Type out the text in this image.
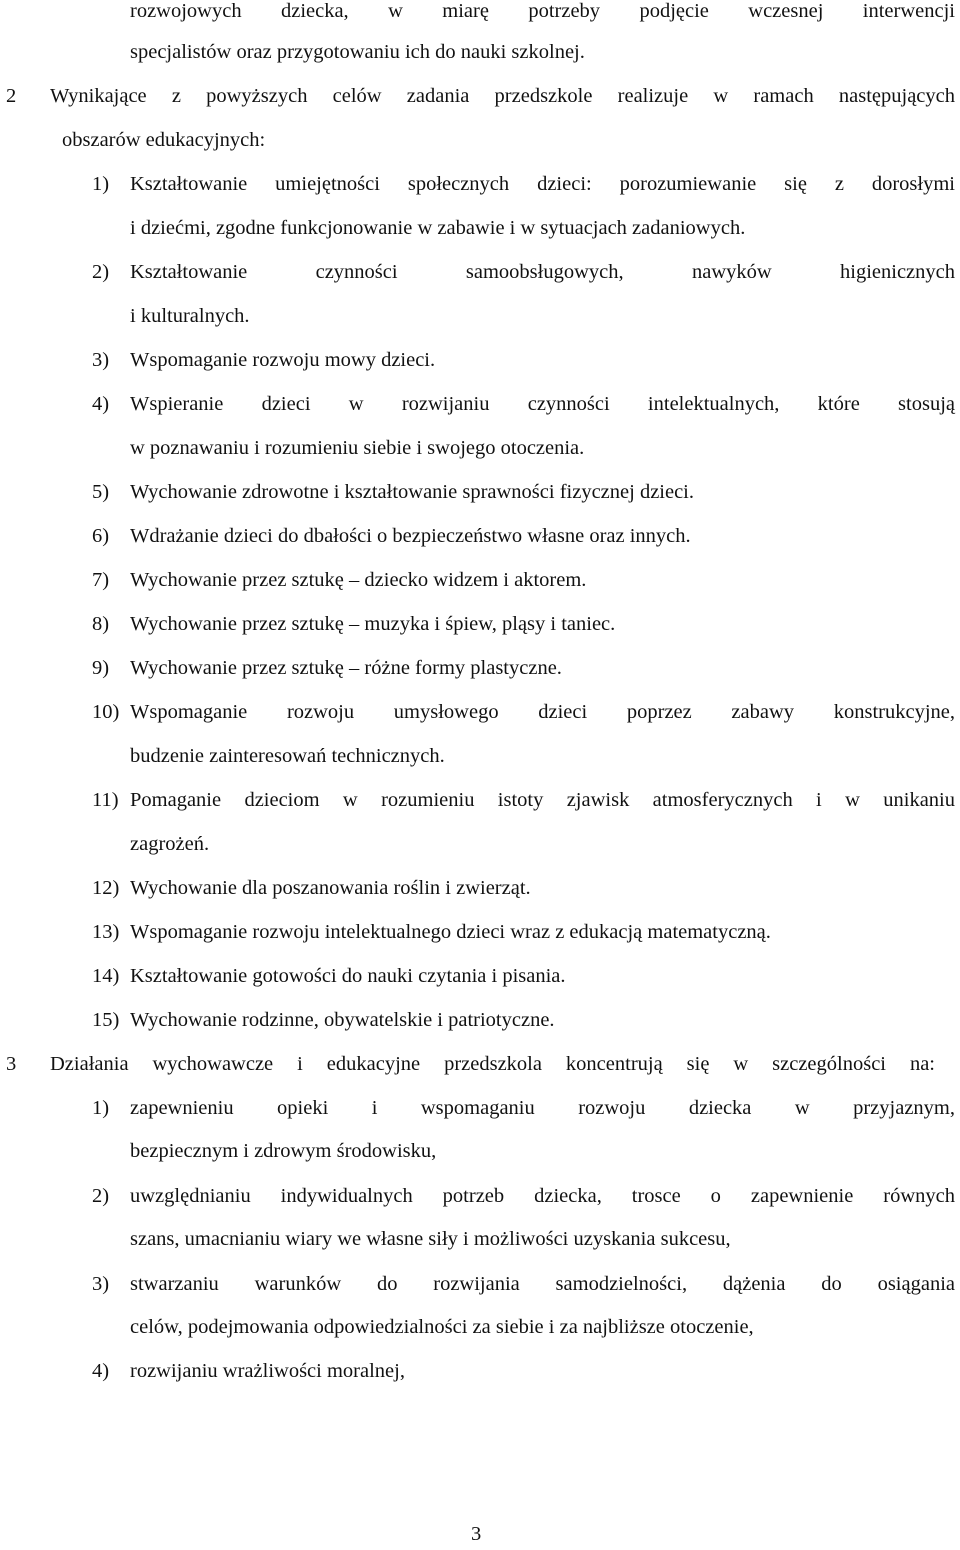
rozwojowych dziecka, w miarę potrzeby podjęcie wczesnej interwencji
specjalistów oraz przygotowaniu ich do nauki szkolnej.
2 Wynikające z powyższych celów zadania przedszkole realizuje w ramach następujących
obszarów edukacyjnych:
1) Kształtowanie umiejętności społecznych dzieci: porozumiewanie się z dorosłymi
i dziećmi, zgodne funkcjonowanie w zabawie i w sytuacjach zadaniowych.
2) Kształtowanie czynności samoobsługowych, nawyków higienicznych
i kulturalnych.
3) Wspomaganie rozwoju mowy dzieci.
4) Wspieranie dzieci w rozwijaniu czynności intelektualnych, które stosują
w poznawaniu i rozumieniu siebie i swojego otoczenia.
5) Wychowanie zdrowotne i kształtowanie sprawności fizycznej dzieci.
6) Wdrażanie dzieci do dbałości o bezpieczeństwo własne oraz innych.
7) Wychowanie przez sztukę – dziecko widzem i aktorem.
8) Wychowanie przez sztukę – muzyka i śpiew, pląsy i taniec.
9) Wychowanie przez sztukę – różne formy plastyczne.
10) Wspomaganie rozwoju umysłowego dzieci poprzez zabawy konstrukcyjne,
budzenie zainteresowań technicznych.
11) Pomaganie dzieciom w rozumieniu istoty zjawisk atmosferycznych i w unikaniu
zagrożeń.
12) Wychowanie dla poszanowania roślin i zwierząt.
13) Wspomaganie rozwoju intelektualnego dzieci wraz z edukacją matematyczną.
14) Kształtowanie gotowości do nauki czytania i pisania.
15) Wychowanie rodzinne, obywatelskie i patriotyczne.
3 Działania wychowawcze i edukacyjne przedszkola koncentrują się w szczególności na:
1) zapewnieniu opieki i wspomaganiu rozwoju dziecka w przyjaznym,
bezpiecznym i zdrowym środowisku,
2) uwzględnianiu indywidualnych potrzeb dziecka, trosce o zapewnienie równych
szans, umacnianiu wiary we własne siły i możliwości uzyskania sukcesu,
3) stwarzaniu warunków do rozwijania samodzielności, dążenia do osiągania
celów, podejmowania odpowiedzialności za siebie i za najbliższe otoczenie,
4) rozwijaniu wrażliwości moralnej,
3
